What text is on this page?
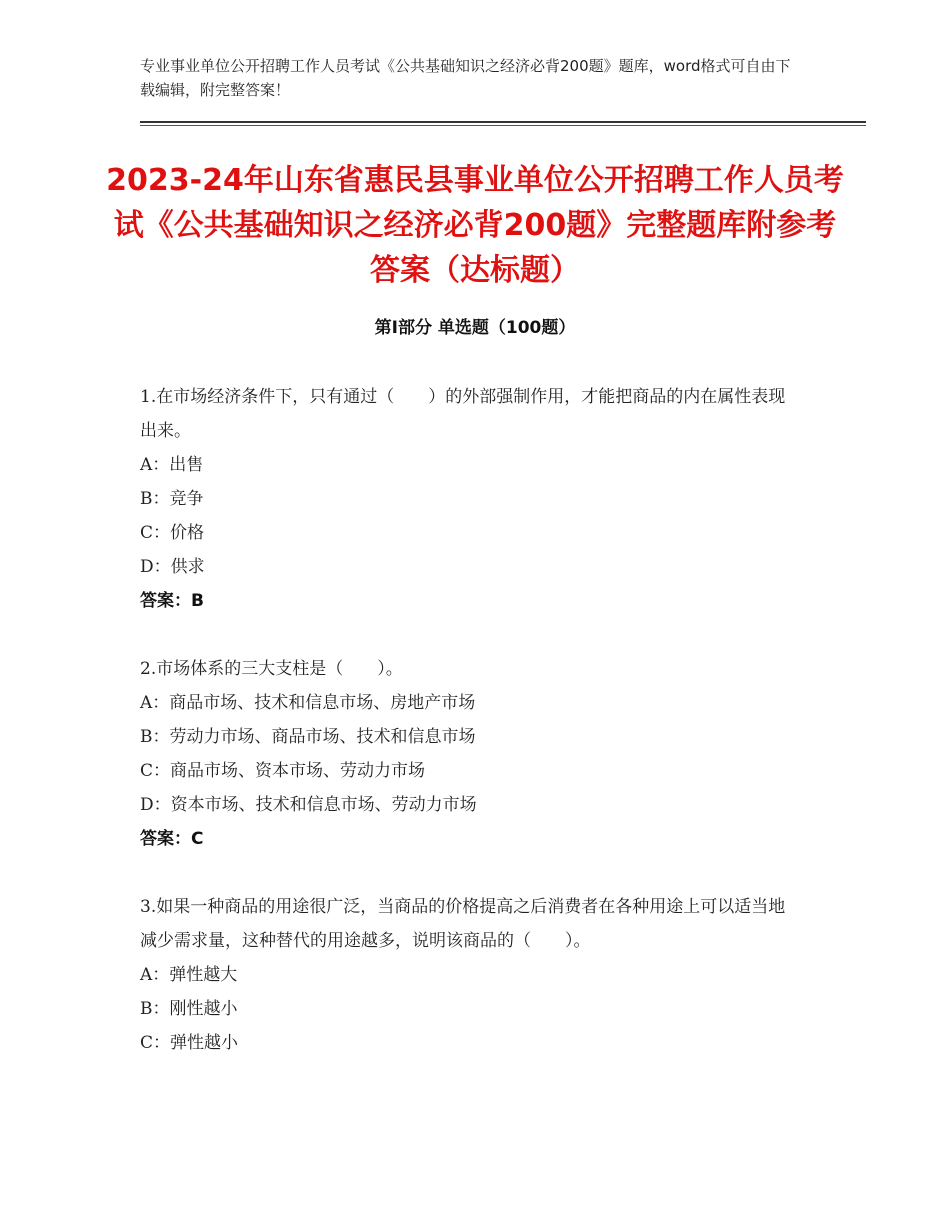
专业事业单位公开招聘工作人员考试《公共基础知识之经济必背200题》题库，word格式可自由下载编辑，附完整答案！
2023-24年山东省惠民县事业单位公开招聘工作人员考试《公共基础知识之经济必背200题》完整题库附参考答案（达标题）
第Ⅰ部分 单选题（100题）

1.在市场经济条件下，只有通过（　　）的外部强制作用，才能把商品的内在属性表现出来。

A：出售

B：竞争

C：价格

D：供求

答案：B

2.市场体系的三大支柱是（　　）。

A：商品市场、技术和信息市场、房地产市场

B：劳动力市场、商品市场、技术和信息市场

C：商品市场、资本市场、劳动力市场

D：资本市场、技术和信息市场、劳动力市场

答案：C

3.如果一种商品的用途很广泛，当商品的价格提高之后消费者在各种用途上可以适当地减少需求量，这种替代的用途越多，说明该商品的（　　）。

A：弹性越大

B：刚性越小

C：弹性越小
